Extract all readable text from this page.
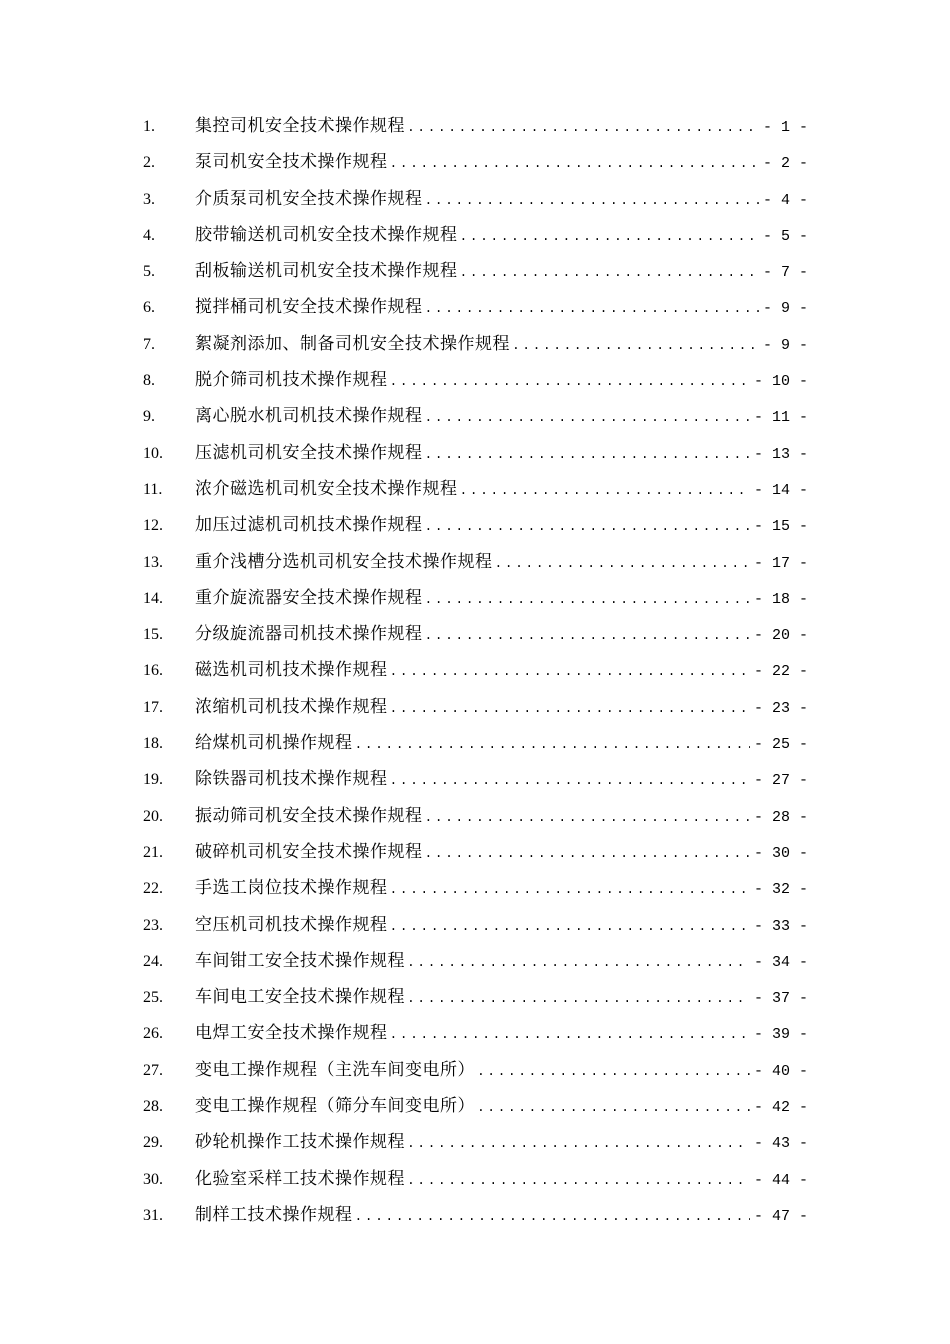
1.	集控司机安全技术操作规程 .....	- 1 -
2.	泵司机安全技术操作规程 .....	- 2 -
3.	介质泵司机安全技术操作规程 .....	- 4 -
4.	胶带输送机司机安全技术操作规程 .....	- 5 -
5.	刮板输送机司机安全技术操作规程 .....	- 7 -
6.	搅拌桶司机安全技术操作规程 .....	- 9 -
7.	絮凝剂添加、制备司机安全技术操作规程 .....	- 9 -
8.	脱介筛司机技术操作规程 .....	- 10 -
9.	离心脱水机司机技术操作规程 .....	- 11 -
10.	压滤机司机安全技术操作规程 .....	- 13 -
11.	浓介磁选机司机安全技术操作规程 .....	- 14 -
12.	加压过滤机司机技术操作规程 .....	- 15 -
13.	重介浅槽分选机司机安全技术操作规程 .....	- 17 -
14.	重介旋流器安全技术操作规程 .....	- 18 -
15.	分级旋流器司机技术操作规程 .....	- 20 -
16.	磁选机司机技术操作规程 .....	- 22 -
17.	浓缩机司机技术操作规程 .....	- 23 -
18.	给煤机司机操作规程 .....	- 25 -
19.	除铁器司机技术操作规程 .....	- 27 -
20.	振动筛司机安全技术操作规程 .....	- 28 -
21.	破碎机司机安全技术操作规程 .....	- 30 -
22.	手选工岗位技术操作规程 .....	- 32 -
23.	空压机司机技术操作规程 .....	- 33 -
24.	车间钳工安全技术操作规程 .....	- 34 -
25.	车间电工安全技术操作规程 .....	- 37 -
26.	电焊工安全技术操作规程 .....	- 39 -
27.	变电工操作规程（主洗车间变电所） .....	- 40 -
28.	变电工操作规程（筛分车间变电所） .....	- 42 -
29.	砂轮机操作工技术操作规程 .....	- 43 -
30.	化验室采样工技术操作规程 .....	- 44 -
31.	制样工技术操作规程 .....	- 47 -
